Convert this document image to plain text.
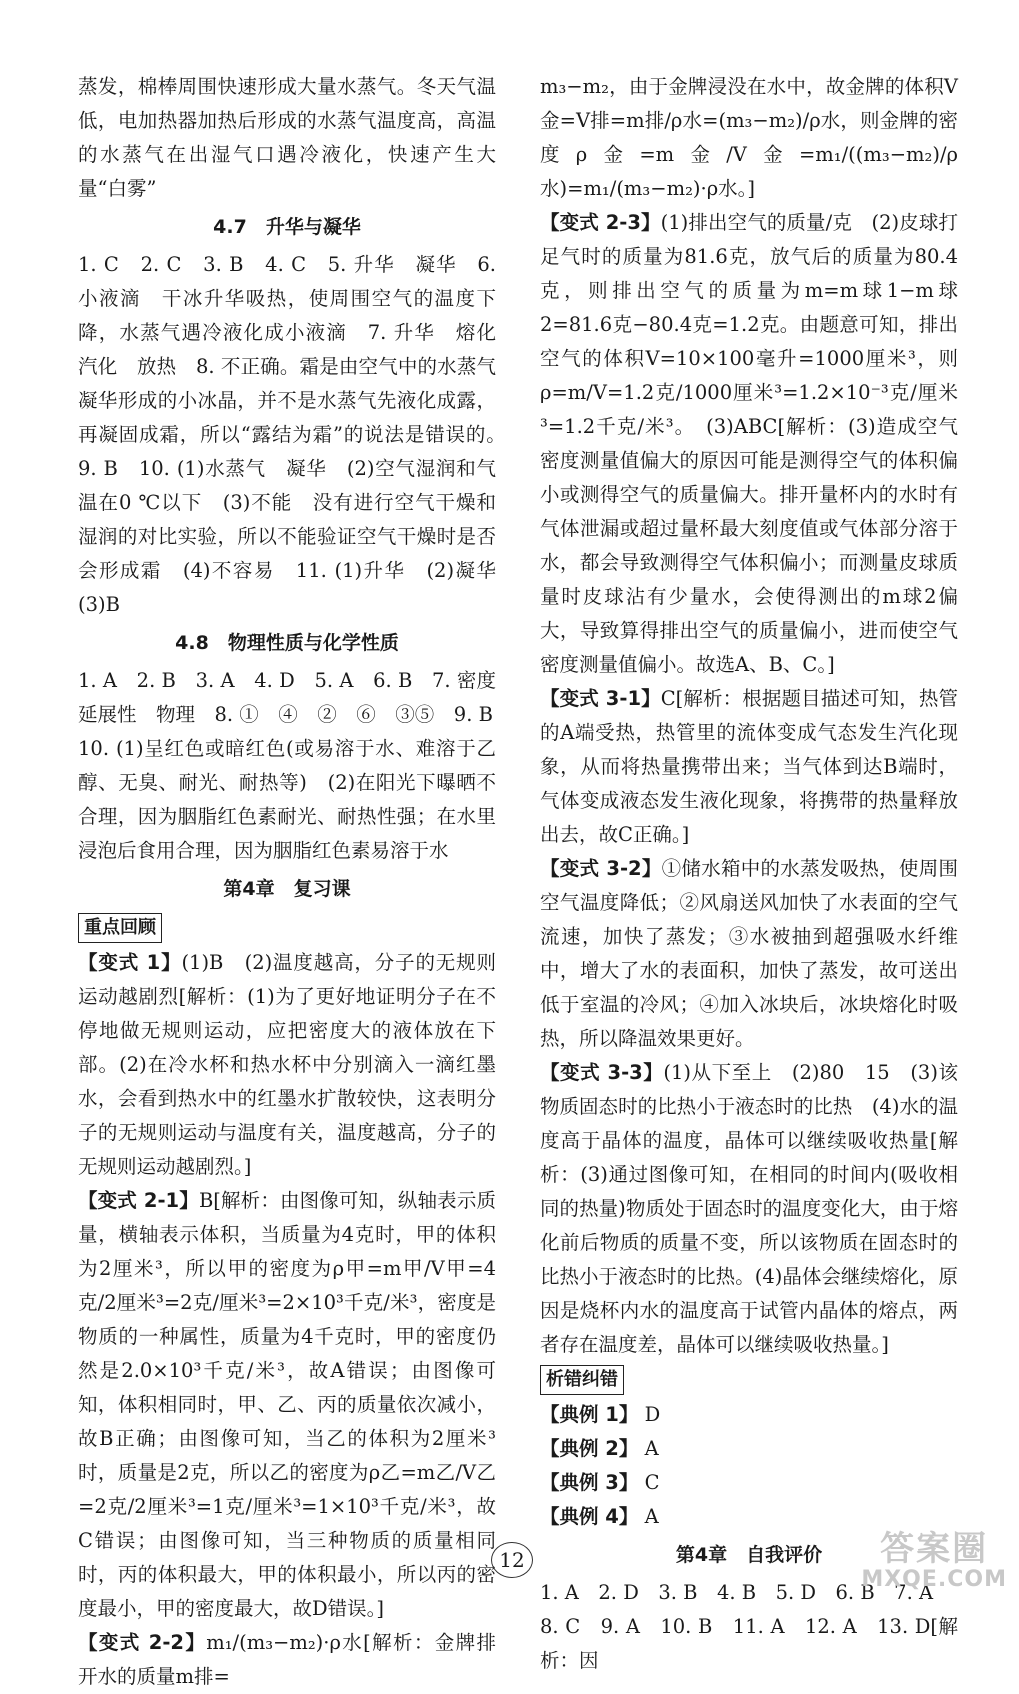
蒸发，棉棒周围快速形成大量水蒸气。冬天气温低，电加热器加热后形成的水蒸气温度高，高温的水蒸气在出湿气口遇冷液化，快速产生大量“白雾”

4.7　升华与凝华

1. C　2. C　3. B　4. C　5. 升华　凝华　6. 小液滴　干冰升华吸热，使周围空气的温度下降，水蒸气遇冷液化成小液滴　7. 升华　熔化　汽化　放热　8. 不正确。霜是由空气中的水蒸气凝华形成的小冰晶，并不是水蒸气先液化成露，再凝固成霜，所以“露结为霜”的说法是错误的。　9. B　10. (1)水蒸气　凝华　(2)空气湿润和气温在0 ℃以下　(3)不能　没有进行空气干燥和湿润的对比实验，所以不能验证空气干燥时是否会形成霜　(4)不容易　11. (1)升华　(2)凝华　(3)B

4.8　物理性质与化学性质

1. A　2. B　3. A　4. D　5. A　6. B　7. 密度　延展性　物理　8. ①　④　②　⑥　③⑤　9. B

10. (1)呈红色或暗红色(或易溶于水、难溶于乙醇、无臭、耐光、耐热等)　(2)在阳光下曝晒不合理，因为胭脂红色素耐光、耐热性强；在水里浸泡后食用合理，因为胭脂红色素易溶于水

第4章　复习课
重点回顾

【变式 1】(1)B　(2)温度越高，分子的无规则运动越剧烈[解析：(1)为了更好地证明分子在不停地做无规则运动，应把密度大的液体放在下部。(2)在冷水杯和热水杯中分别滴入一滴红墨水，会看到热水中的红墨水扩散较快，这表明分子的无规则运动与温度有关，温度越高，分子的无规则运动越剧烈。]

【变式 2-1】B[解析：由图像可知，纵轴表示质量，横轴表示体积，当质量为4克时，甲的体积为2厘米³，所以甲的密度为ρ甲=m甲/V甲=4克/2厘米³=2克/厘米³=2×10³千克/米³，密度是物质的一种属性，质量为4千克时，甲的密度仍然是2.0×10³千克/米³，故A错误；由图像可知，体积相同时，甲、乙、丙的质量依次减小，故B正确；由图像可知，当乙的体积为2厘米³时，质量是2克，所以乙的密度为ρ乙=m乙/V乙=2克/2厘米³=1克/厘米³=1×10³千克/米³，故C错误；由图像可知，当三种物质的质量相同时，丙的体积最大，甲的体积最小，所以丙的密度最小，甲的密度最大，故D错误。]

【变式 2-2】m₁/(m₃−m₂)·ρ水[解析：金牌排开水的质量m排=

m₃−m₂，由于金牌浸没在水中，故金牌的体积V金=V排=m排/ρ水=(m₃−m₂)/ρ水，则金牌的密度ρ金=m金/V金=m₁/((m₃−m₂)/ρ水)=m₁/(m₃−m₂)·ρ水。]

【变式 2-3】(1)排出空气的质量/克　(2)皮球打足气时的质量为81.6克，放气后的质量为80.4克，则排出空气的质量为m=m球1−m球2=81.6克−80.4克=1.2克。由题意可知，排出空气的体积V=10×100毫升=1000厘米³，则ρ=m/V=1.2克/1000厘米³=1.2×10⁻³克/厘米³=1.2千克/米³。　(3)ABC[解析：(3)造成空气密度测量值偏大的原因可能是测得空气的体积偏小或测得空气的质量偏大。排开量杯内的水时有气体泄漏或超过量杯最大刻度值或气体部分溶于水，都会导致测得空气体积偏小；而测量皮球质量时皮球沾有少量水，会使得测出的m球2偏大，导致算得排出空气的质量偏小，进而使空气密度测量值偏小。故选A、B、C。]

【变式 3-1】C[解析：根据题目描述可知，热管的A端受热，热管里的流体变成气态发生汽化现象，从而将热量携带出来；当气体到达B端时，气体变成液态发生液化现象，将携带的热量释放出去，故C正确。]

【变式 3-2】①储水箱中的水蒸发吸热，使周围空气温度降低；②风扇送风加快了水表面的空气流速，加快了蒸发；③水被抽到超强吸水纤维中，增大了水的表面积，加快了蒸发，故可送出低于室温的冷风；④加入冰块后，冰块熔化时吸热，所以降温效果更好。

【变式 3-3】(1)从下至上　(2)80　15　(3)该物质固态时的比热小于液态时的比热　(4)水的温度高于晶体的温度，晶体可以继续吸收热量[解析：(3)通过图像可知，在相同的时间内(吸收相同的热量)物质处于固态时的温度变化大，由于熔化前后物质的质量不变，所以该物质在固态时的比热小于液态时的比热。(4)晶体会继续熔化，原因是烧杯内水的温度高于试管内晶体的熔点，两者存在温度差，晶体可以继续吸收热量。]

析错纠错

【典例 1】 D

【典例 2】 A

【典例 3】 C

【典例 4】 A

第4章　自我评价

1. A　2. D　3. B　4. B　5. D　6. B　7. A

8. C　9. A　10. B　11. A　12. A　13. D[解析：因

12	答案圈
MXQE.COM
